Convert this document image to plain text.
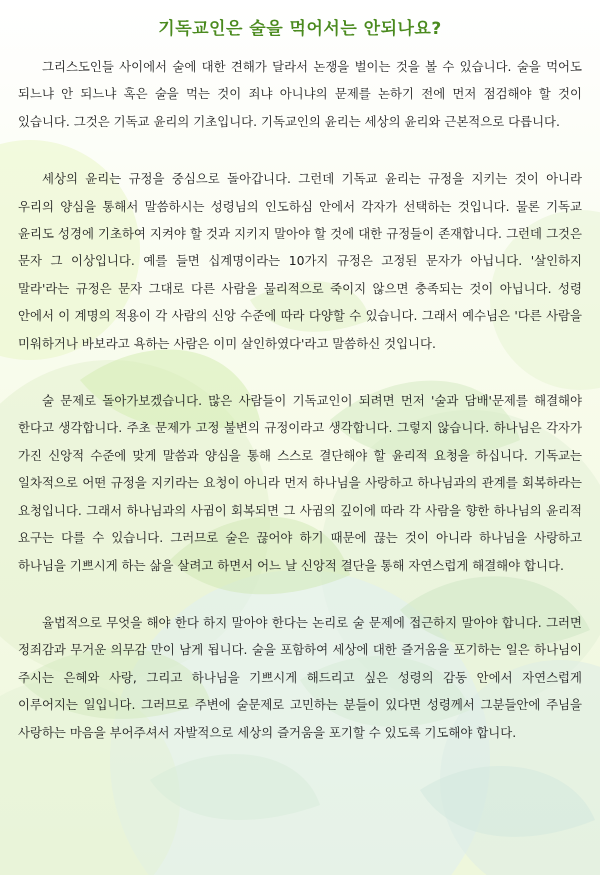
기독교인은 술을 먹어서는 안되나요?

그리스도인들 사이에서 술에 대한 견해가 달라서 논쟁을 벌이는 것을 볼 수 있습니다. 술을 먹어도 되느냐 안 되느냐 혹은 술을 먹는 것이 죄냐 아니냐의 문제를 논하기 전에 먼저 점검해야 할 것이 있습니다. 그것은 기독교 윤리의 기초입니다. 기독교인의 윤리는 세상의 윤리와 근본적으로 다릅니다.

세상의 윤리는 규정을 중심으로 돌아갑니다. 그런데 기독교 윤리는 규정을 지키는 것이 아니라 우리의 양심을 통해서 말씀하시는 성령님의 인도하심 안에서 각자가 선택하는 것입니다. 물론 기독교 윤리도 성경에 기초하여 지켜야 할 것과 지키지 말아야 할 것에 대한 규정들이 존재합니다. 그런데 그것은 문자 그 이상입니다. 예를 들면 십계명이라는 10가지 규정은 고정된 문자가 아닙니다. '살인하지 말라'라는 규정은 문자 그대로 다른 사람을 물리적으로 죽이지 않으면 충족되는 것이 아닙니다. 성령 안에서 이 계명의 적용이 각 사람의 신앙 수준에 따라 다양할 수 있습니다. 그래서 예수님은 '다른 사람을 미워하거나 바보라고 욕하는 사람은 이미 살인하였다'라고 말씀하신 것입니다.

술 문제로 돌아가보겠습니다. 많은 사람들이 기독교인이 되려면 먼저 '술과 담배'문제를 해결해야 한다고 생각합니다. 주초 문제가 고정 불변의 규정이라고 생각합니다. 그렇지 않습니다. 하나님은 각자가 가진 신앙적 수준에 맞게 말씀과 양심을 통해 스스로 결단해야 할 윤리적 요청을 하십니다. 기독교는 일차적으로 어떤 규정을 지키라는 요청이 아니라 먼저 하나님을 사랑하고 하나님과의 관계를 회복하라는 요청입니다. 그래서 하나님과의 사귐이 회복되면 그 사귐의 깊이에 따라 각 사람을 향한 하나님의 윤리적 요구는 다를 수 있습니다. 그러므로 술은 끊어야 하기 때문에 끊는 것이 아니라 하나님을 사랑하고 하나님을 기쁘시게 하는 삶을 살려고 하면서 어느 날 신앙적 결단을 통해 자연스럽게 해결해야 합니다.

율법적으로 무엇을 해야 한다 하지 말아야 한다는 논리로 술 문제에 접근하지 말아야 합니다. 그러면 정죄감과 무거운 의무감 만이 남게 됩니다. 술을 포함하여 세상에 대한 즐거움을 포기하는 일은 하나님이 주시는 은혜와 사랑, 그리고 하나님을 기쁘시게 해드리고 싶은 성령의 감동 안에서 자연스럽게 이루어지는 일입니다. 그러므로 주변에 술문제로 고민하는 분들이 있다면 성령께서 그분들안에 주님을 사랑하는 마음을 부어주셔서 자발적으로 세상의 즐거움을 포기할 수 있도록 기도해야 합니다.
